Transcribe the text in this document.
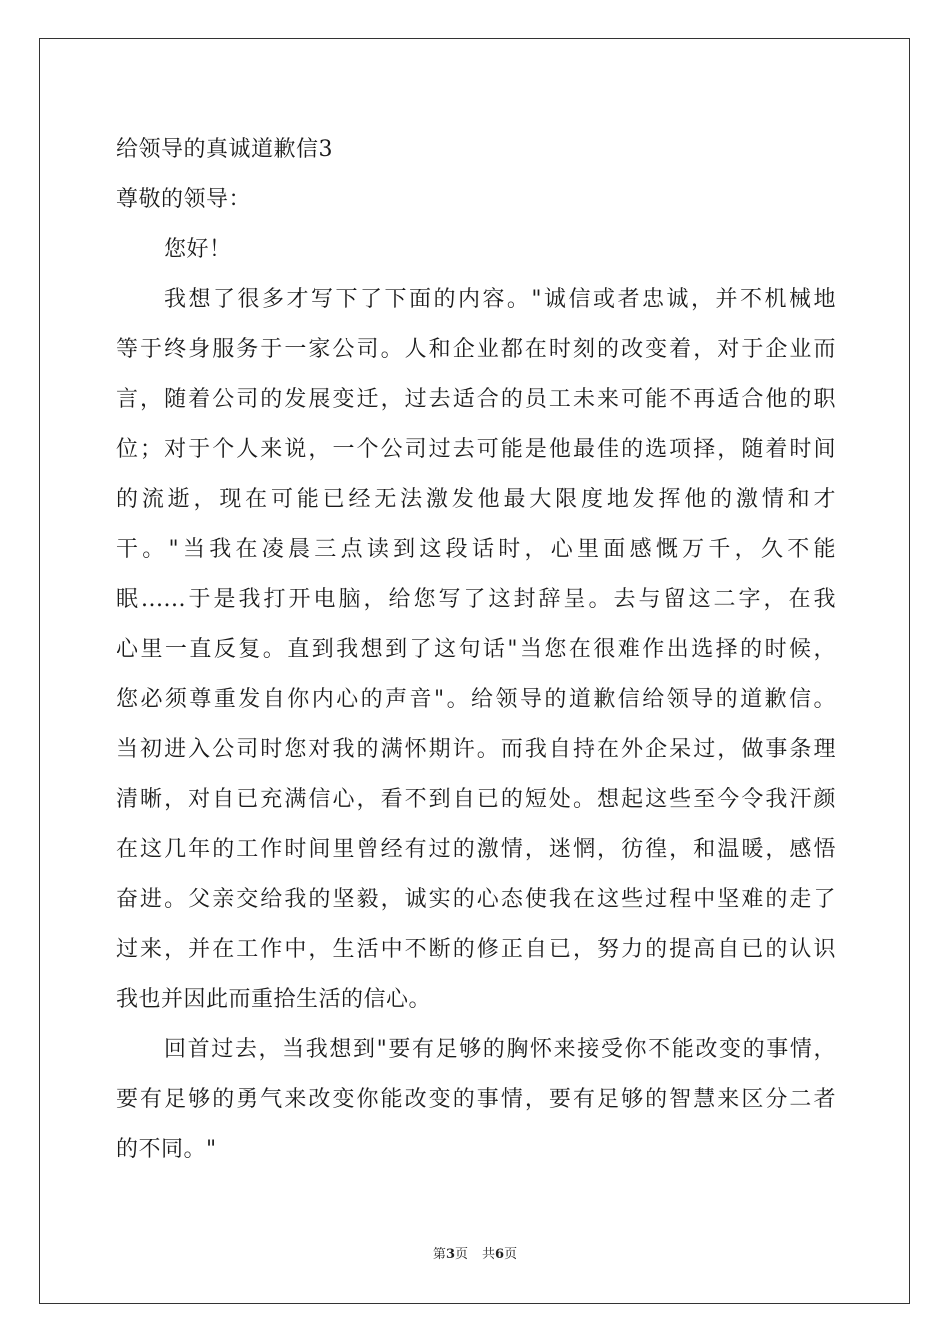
给领导的真诚道歉信3
尊敬的领导：
您好！
我想了很多才写下了下面的内容。"诚信或者忠诚，并不机械地
等于终身服务于一家公司。人和企业都在时刻的改变着，对于企业而
言，随着公司的发展变迁，过去适合的员工未来可能不再适合他的职
位；对于个人来说，一个公司过去可能是他最佳的选项择，随着时间
的流逝，现在可能已经无法激发他最大限度地发挥他的激情和才
干。"当我在凌晨三点读到这段话时，心里面感慨万千，久不能
眠......于是我打开电脑，给您写了这封辞呈。去与留这二字，在我
心里一直反复。直到我想到了这句话"当您在很难作出选择的时候，
您必须尊重发自你内心的声音"。给领导的道歉信给领导的道歉信。
当初进入公司时您对我的满怀期许。而我自持在外企呆过，做事条理
清晰，对自已充满信心，看不到自已的短处。想起这些至今令我汗颜
在这几年的工作时间里曾经有过的激情，迷惘，彷徨，和温暖，感悟
奋进。父亲交给我的坚毅，诚实的心态使我在这些过程中坚难的走了
过来，并在工作中，生活中不断的修正自已，努力的提高自已的认识
我也并因此而重拾生活的信心。
回首过去，当我想到"要有足够的胸怀来接受你不能改变的事情，
要有足够的勇气来改变你能改变的事情，要有足够的智慧来区分二者
的不同。"
第3页 共6页
